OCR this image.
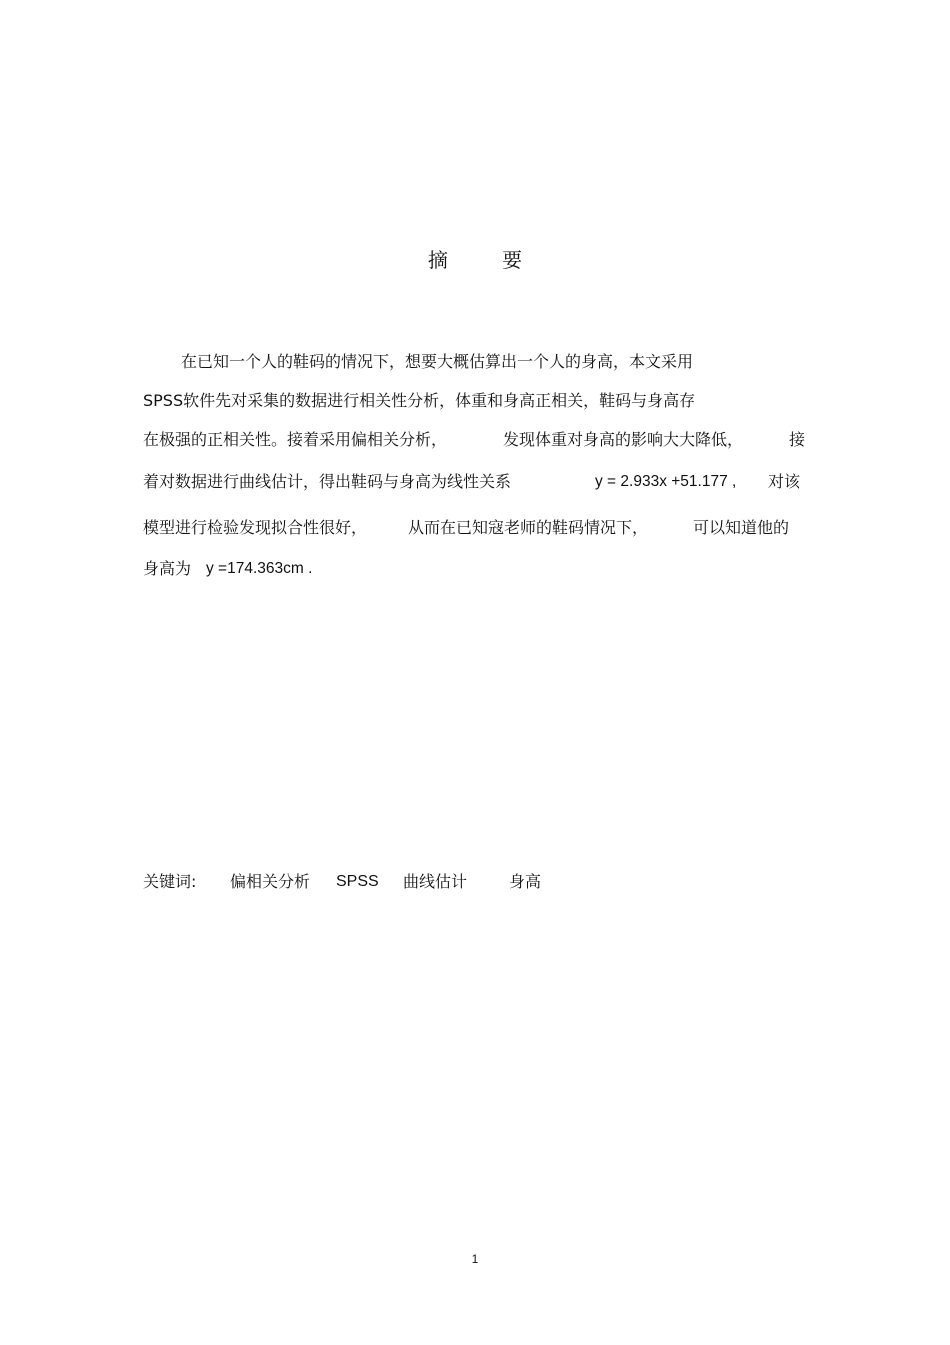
摘 要
在已知一个人的鞋码的情况下，想要大概估算出一个人的身高，本文采用
SPSS软件先对采集的数据进行相关性分析，体重和身高正相关，鞋码与身高存
在极强的正相关性。接着采用偏相关分析，	发现体重对身高的影响大大降低，	接
着对数据进行曲线估计，得出鞋码与身高为线性关系	y = 2.933x +51.177 , 对该
模型进行检验发现拟合性很好，	从而在已知寇老师的鞋码情况下，	可以知道他的
身高为 y =174.363cm .
关键词: 偏相关分析 SPSS 曲线估计	身高
1
